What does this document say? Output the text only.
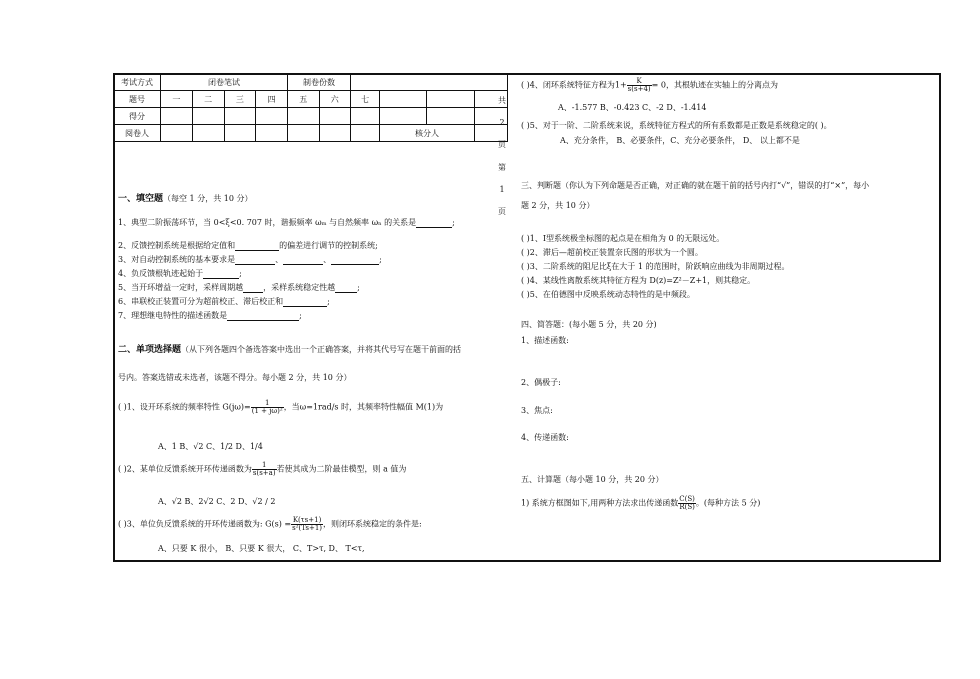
考试方式	闭卷笔试				制卷份数					
题号	一	二	三	四	五	六	七			
得分										
阅卷人								核分人		
共
2
页
第
1
页
一、填空题（每空 1 分，共 10 分）
1、典型二阶振荡环节，当 0<ξ<0. 707 时，谐振频率 ωₘ 与自然频率 ωₙ 的关系是	;
2、反馈控制系统是根据给定值和	的偏差进行调节的控制系统;
3、对自动控制系统的基本要求是	、	、	;
4、负反馈根轨迹起始于	;
5、当开环增益一定时，采样周期越	，采样系统稳定性越	;
6、串联校正装置可分为超前校正、滞后校正和	;
7、理想继电特性的描述函数是	;
二、单项选择题（从下列各题四个备选答案中选出一个正确答案，并将其代号写在题干前面的括
号内。答案选错或未选者，该题不得分。每小题 2 分，共 10 分）
( )1、设开环系统的频率特性 $G(j\omega)= \frac{1}{\text{(1 + jω)²}}$ ，当ω=1rad/s 时，其频率特性幅值 M(1)为
A、1 B、√2 C、1/2 D、1/4
( )2、某单位反馈系统开环传递函数为 $\frac{1}{s(s+a)}$ 若使其成为二阶最佳模型，则 a 值为
A、√2 B、2√2 C、2 D、√2 / 2
( )3、单位负反馈系统的开环传递函数为: $G(s) = \frac{K(\tau s+1)}{\text{s²(Ts+1)}}$ ，则闭环系统稳定的条件是:
A、只要 K 很小， B、只要 K 很大， C、T>τ, D、 T<τ,
( )4、闭环系统特征方程为$1+ \frac{K}{s(s+4)} = 0$，其根轨迹在实轴上的分离点为
A、-1.577 B、-0.423 C、-2 D、-1.414
( )5、对于一阶、二阶系统来说，系统特征方程式的所有系数都是正数是系统稳定的( )。
A、充分条件， B、必要条件，C、充分必要条件， D、 以上都不是
三、判断题（你认为下列命题是否正确，对正确的就在题干前的括号内打“√”，错误的打“×”，每小
题 2 分，共 10 分）
( )1、Ⅰ型系统极坐标图的起点是在相角为 0 的无限远处。
( )2、滞后—超前校正装置奈氏图的形状为一个圆。
( )3、二阶系统的阻尼比ξ在大于 1 的范围时，阶跃响应曲线为非周期过程。
( )4、某线性离散系统其特征方程为 D(z)=Z²－Z+1，则其稳定。
( )5、在伯德图中反映系统动态特性的是中频段。
四、简答题：(每小题 5 分，共 20 分)
1、描述函数:
2、偶极子:
3、焦点:
4、传递函数:
五、计算题（每小题 10 分，共 20 分）
1) 系统方框图如下,用两种方法求出传递函数 $\frac{C(S)}{R(S)}$ 。(每种方法 5 分)
